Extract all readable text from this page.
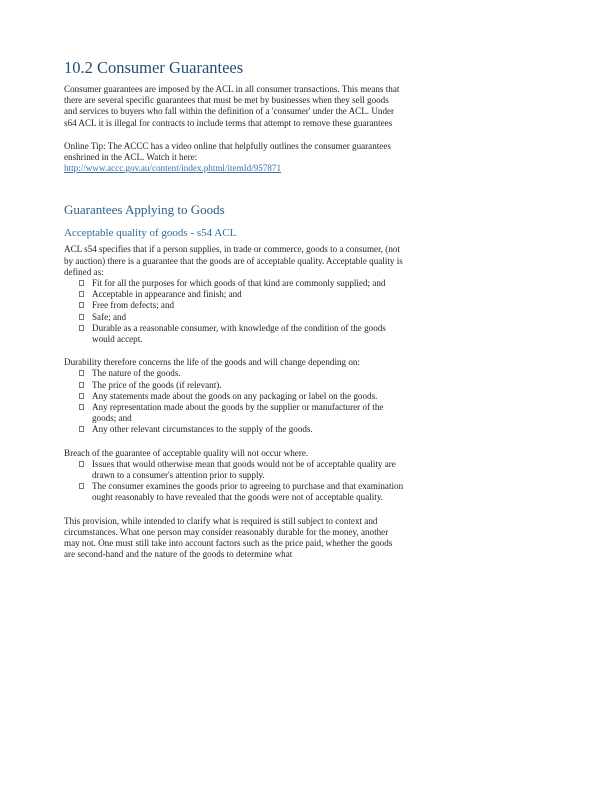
10.2 Consumer Guarantees

Consumer guarantees are imposed by the ACL in all consumer transactions. This means that there are several specific guarantees that must be met by businesses when they sell goods and services to buyers who fall within the definition of a 'consumer' under the ACL. Under s64 ACL it is illegal for contracts to include terms that attempt to remove these guarantees

Online Tip: The ACCC has a video online that helpfully outlines the consumer guarantees enshrined in the ACL. Watch it here:

http://www.accc.gov.au/content/index.phtml/itemId/957871
Guarantees Applying to Goods
Acceptable quality of goods - s54 ACL

ACL s54 specifies that if a person supplies, in trade or commerce, goods to a consumer, (not by auction) there is a guarantee that the goods are of acceptable quality. Acceptable quality is defined as:

Fit for all the purposes for which goods of that kind are commonly supplied; and
Acceptable in appearance and finish; and
Free from defects; and
Safe; and
Durable as a reasonable consumer, with knowledge of the condition of the goods would accept.

Durability therefore concerns the life of the goods and will change depending on:

The nature of the goods.
The price of the goods (if relevant).
Any statements made about the goods on any packaging or label on the goods.
Any representation made about the goods by the supplier or manufacturer of the goods; and
Any other relevant circumstances to the supply of the goods.

Breach of the guarantee of acceptable quality will not occur where.

Issues that would otherwise mean that goods would not be of acceptable quality are drawn to a consumer's attention prior to supply.
The consumer examines the goods prior to agreeing to purchase and that examination ought reasonably to have revealed that the goods were not of acceptable quality.

This provision, while intended to clarify what is required is still subject to context and circumstances. What one person may consider reasonably durable for the money, another may not. One must still take into account factors such as the price paid, whether the goods are second-hand and the nature of the goods to determine what
